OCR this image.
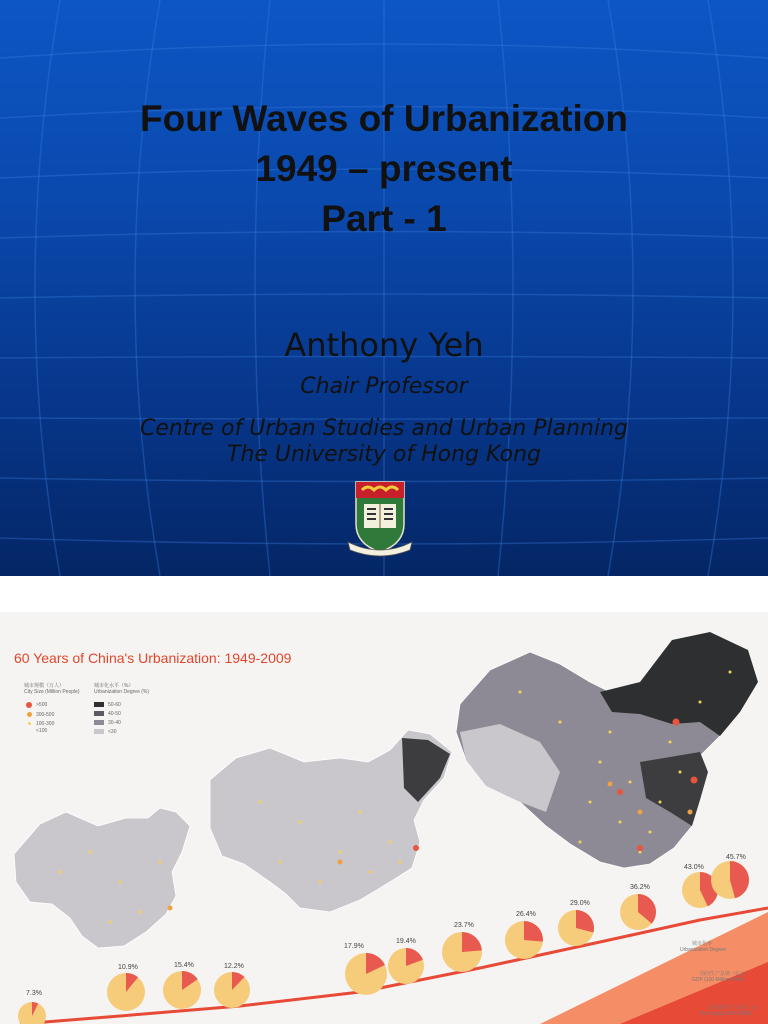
Four Waves of Urbanization
1949 – present
Part - 1
Anthony Yeh
Chair Professor
Centre of Urban Studies and Urban Planning
The University of Hong Kong
60 Years of China's Urbanization: 1949-2009
城市规模（万人）
City Size (Million People)
城市化水平（%）
Urbanization Degree (%)
>500
300-500
100-300
<100
50-60
40-50
30-40
<30
7.3%
10.9%	15.4%	12.2%
17.9%
19.4%
23.7%
26.4%
29.0%
36.2%
43.0%
45.7%
城市化率
Urbanization Degree
国内生产总值（亿元）
GDP (100 Million RMB)
人均国内生产总值（元）
Per Capita GDP (RMB)
